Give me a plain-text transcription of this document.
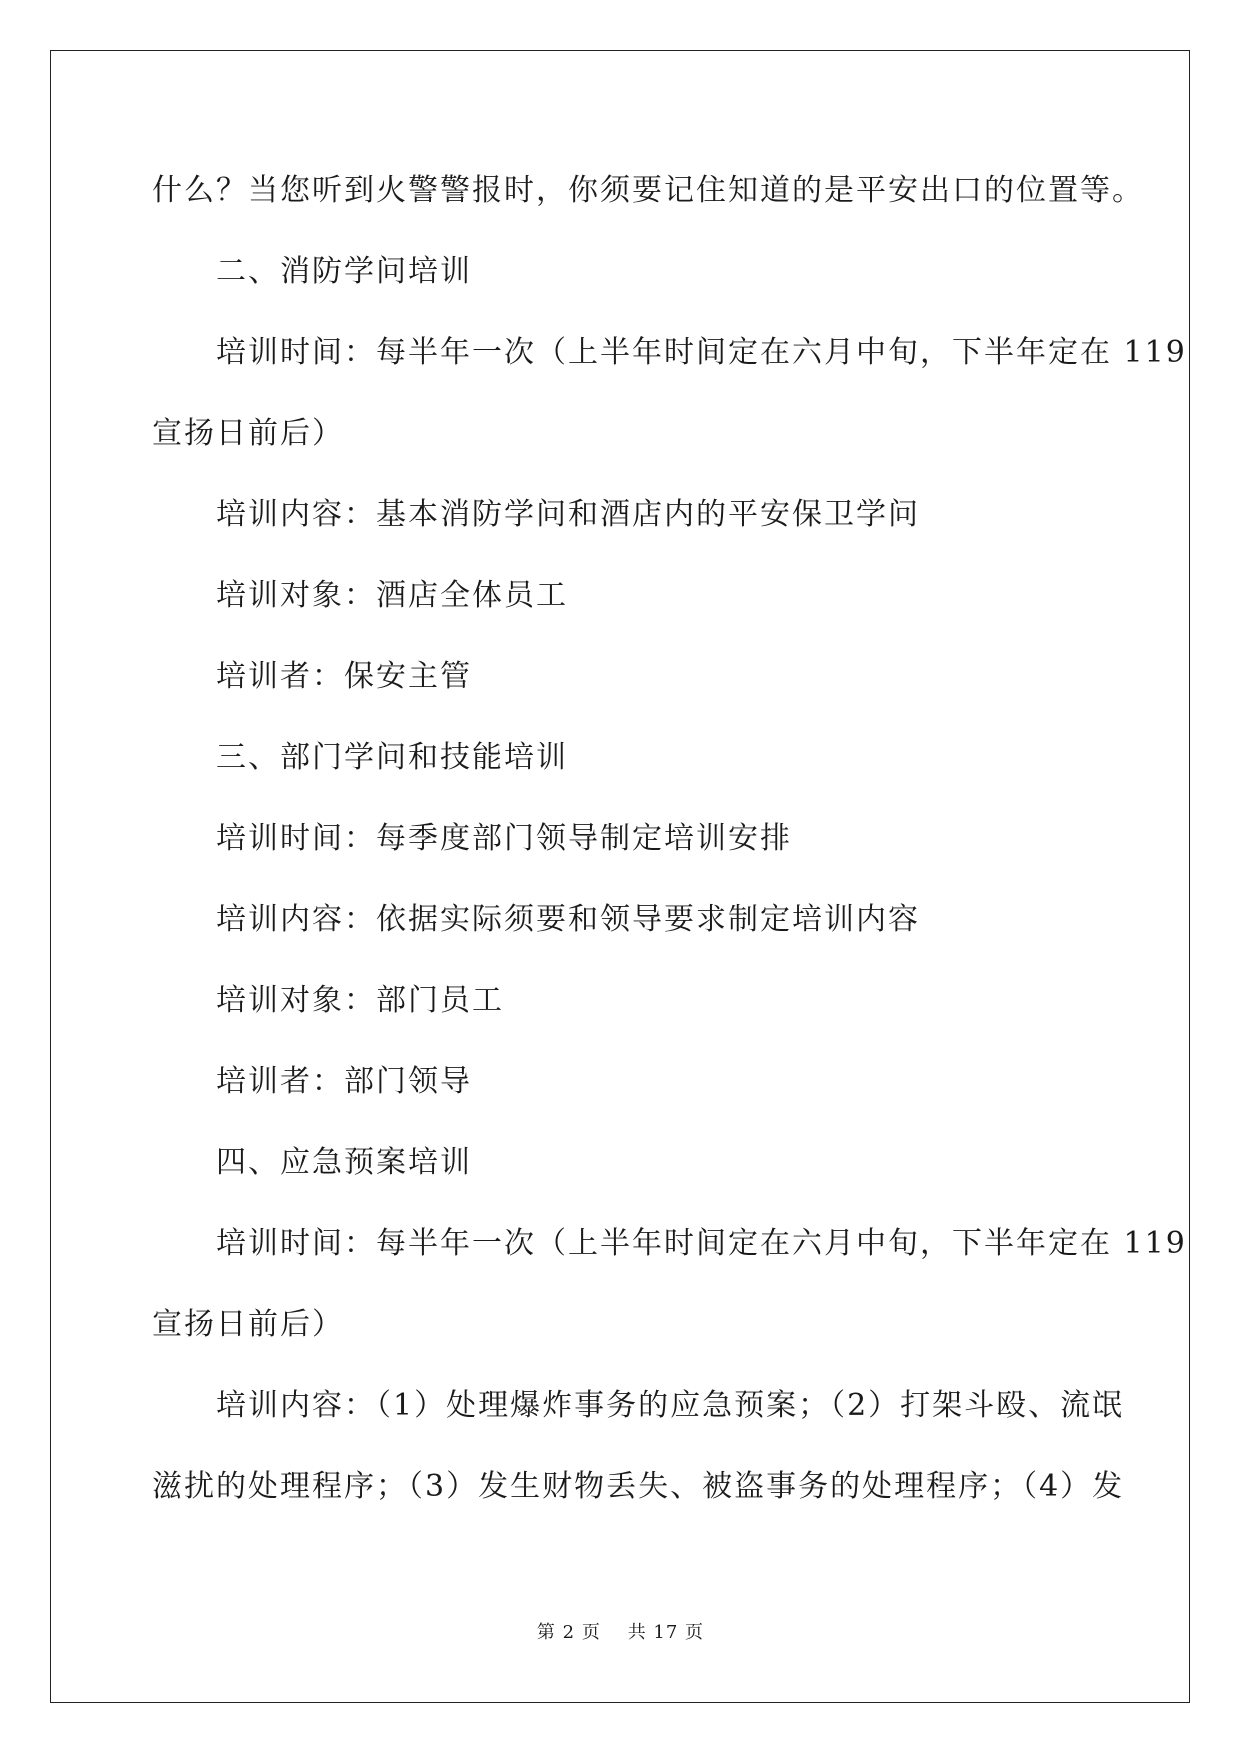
什么？当您听到火警警报时，你须要记住知道的是平安出口的位置等。
二、消防学问培训
培训时间：每半年一次（上半年时间定在六月中旬，下半年定在 119
宣扬日前后）
培训内容：基本消防学问和酒店内的平安保卫学问
培训对象：酒店全体员工
培训者：保安主管
三、部门学问和技能培训
培训时间：每季度部门领导制定培训安排
培训内容：依据实际须要和领导要求制定培训内容
培训对象：部门员工
培训者：部门领导
四、应急预案培训
培训时间：每半年一次（上半年时间定在六月中旬，下半年定在 119
宣扬日前后）
培训内容：（1）处理爆炸事务的应急预案；（2）打架斗殴、流氓
滋扰的处理程序；（3）发生财物丢失、被盗事务的处理程序；（4）发
第 2 页    共 17 页
